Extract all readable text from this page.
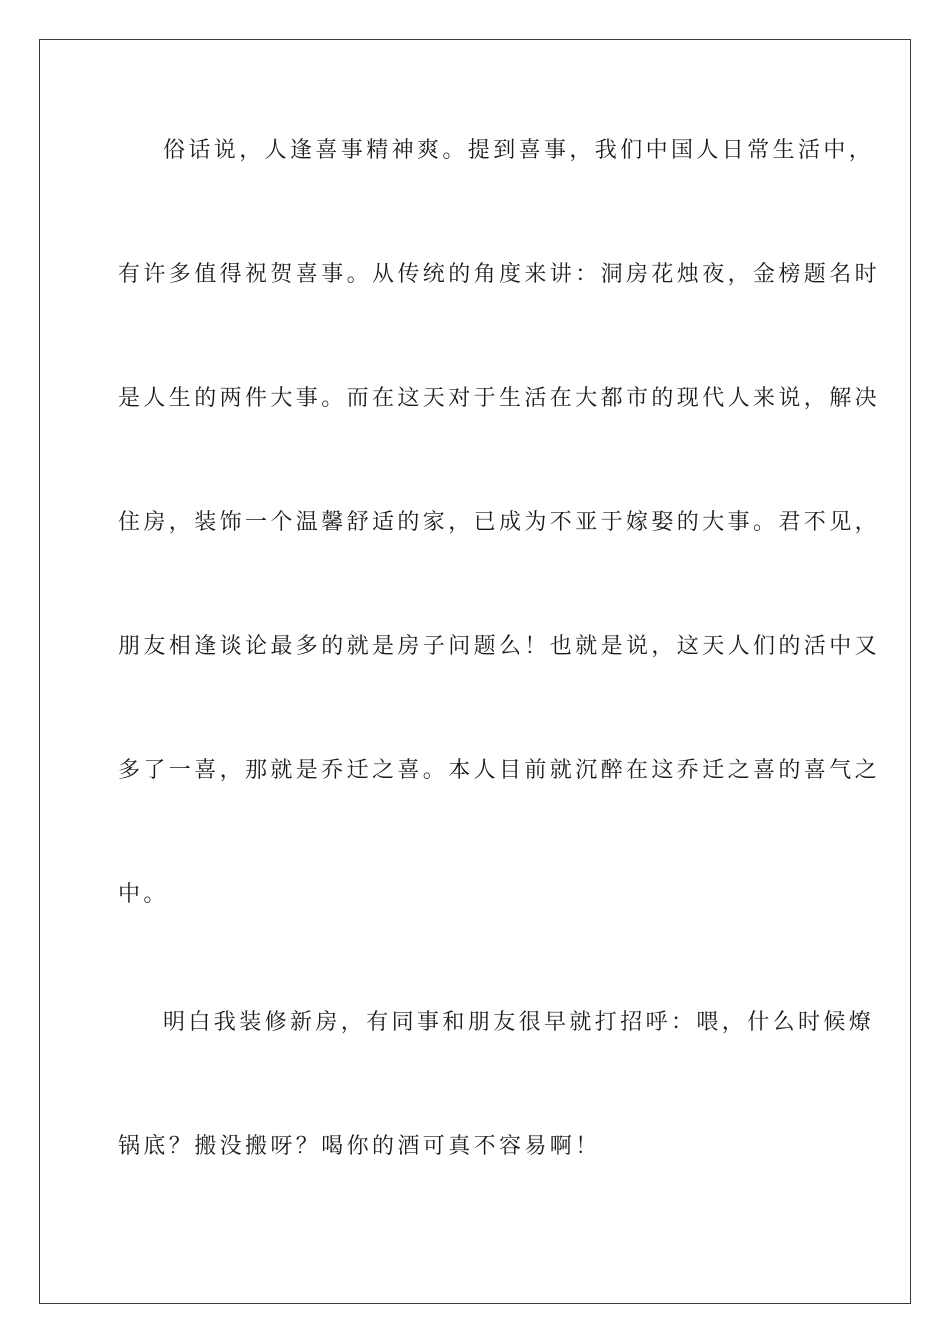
俗话说，人逢喜事精神爽。提到喜事，我们中国人日常生活中，
有许多值得祝贺喜事。从传统的角度来讲：洞房花烛夜，金榜题名时
是人生的两件大事。而在这天对于生活在大都市的现代人来说，解决
住房，装饰一个温馨舒适的家，已成为不亚于嫁娶的大事。君不见，
朋友相逢谈论最多的就是房子问题么！也就是说，这天人们的活中又
多了一喜，那就是乔迁之喜。本人目前就沉醉在这乔迁之喜的喜气之
中。
明白我装修新房，有同事和朋友很早就打招呼：喂，什么时候燎
锅底？搬没搬呀？喝你的酒可真不容易啊！
